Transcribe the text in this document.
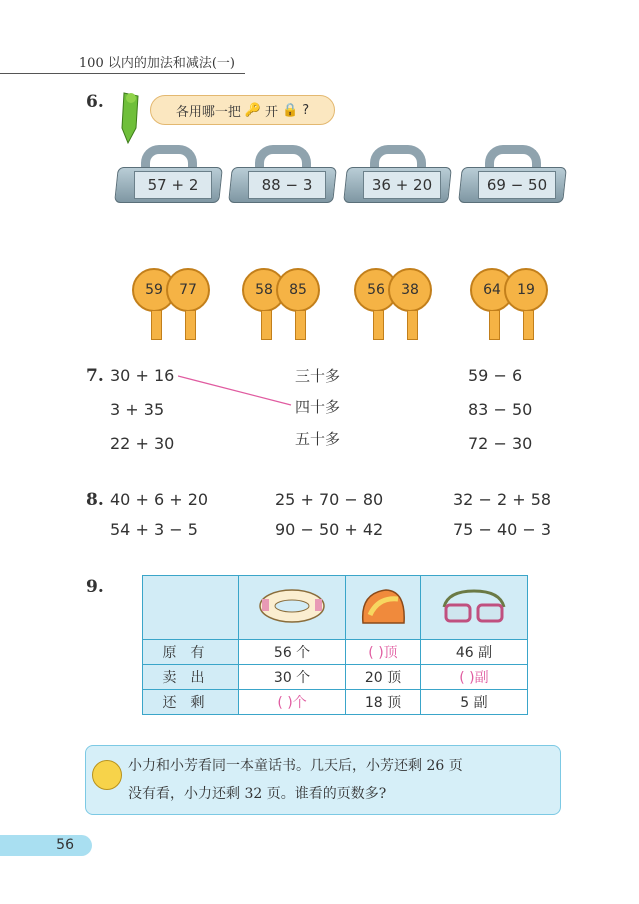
100 以内的加法和减法(一)
6.	各用哪一把 🔑 开 🔒 ?
57 + 2	88 − 3	36 + 20	69 − 50
59	77	58	85	56	38	64	19
7. 30 + 16
3 + 35
22 + 30
三十多
四十多
五十多
59 − 6
83 − 50
72 − 30
8. 40 + 6 + 20	25 + 70 − 80	32 − 2 + 58
54 + 3 − 5	90 − 50 + 42	75 − 40 − 3
9.

原有	56 个	( )顶	46 副
卖出	30 个	20 顶	( )副
还剩	( )个	18 顶	5 副
小力和小芳看同一本童话书。几天后，小芳还剩 26 页
没有看，小力还剩 32 页。谁看的页数多?
56
